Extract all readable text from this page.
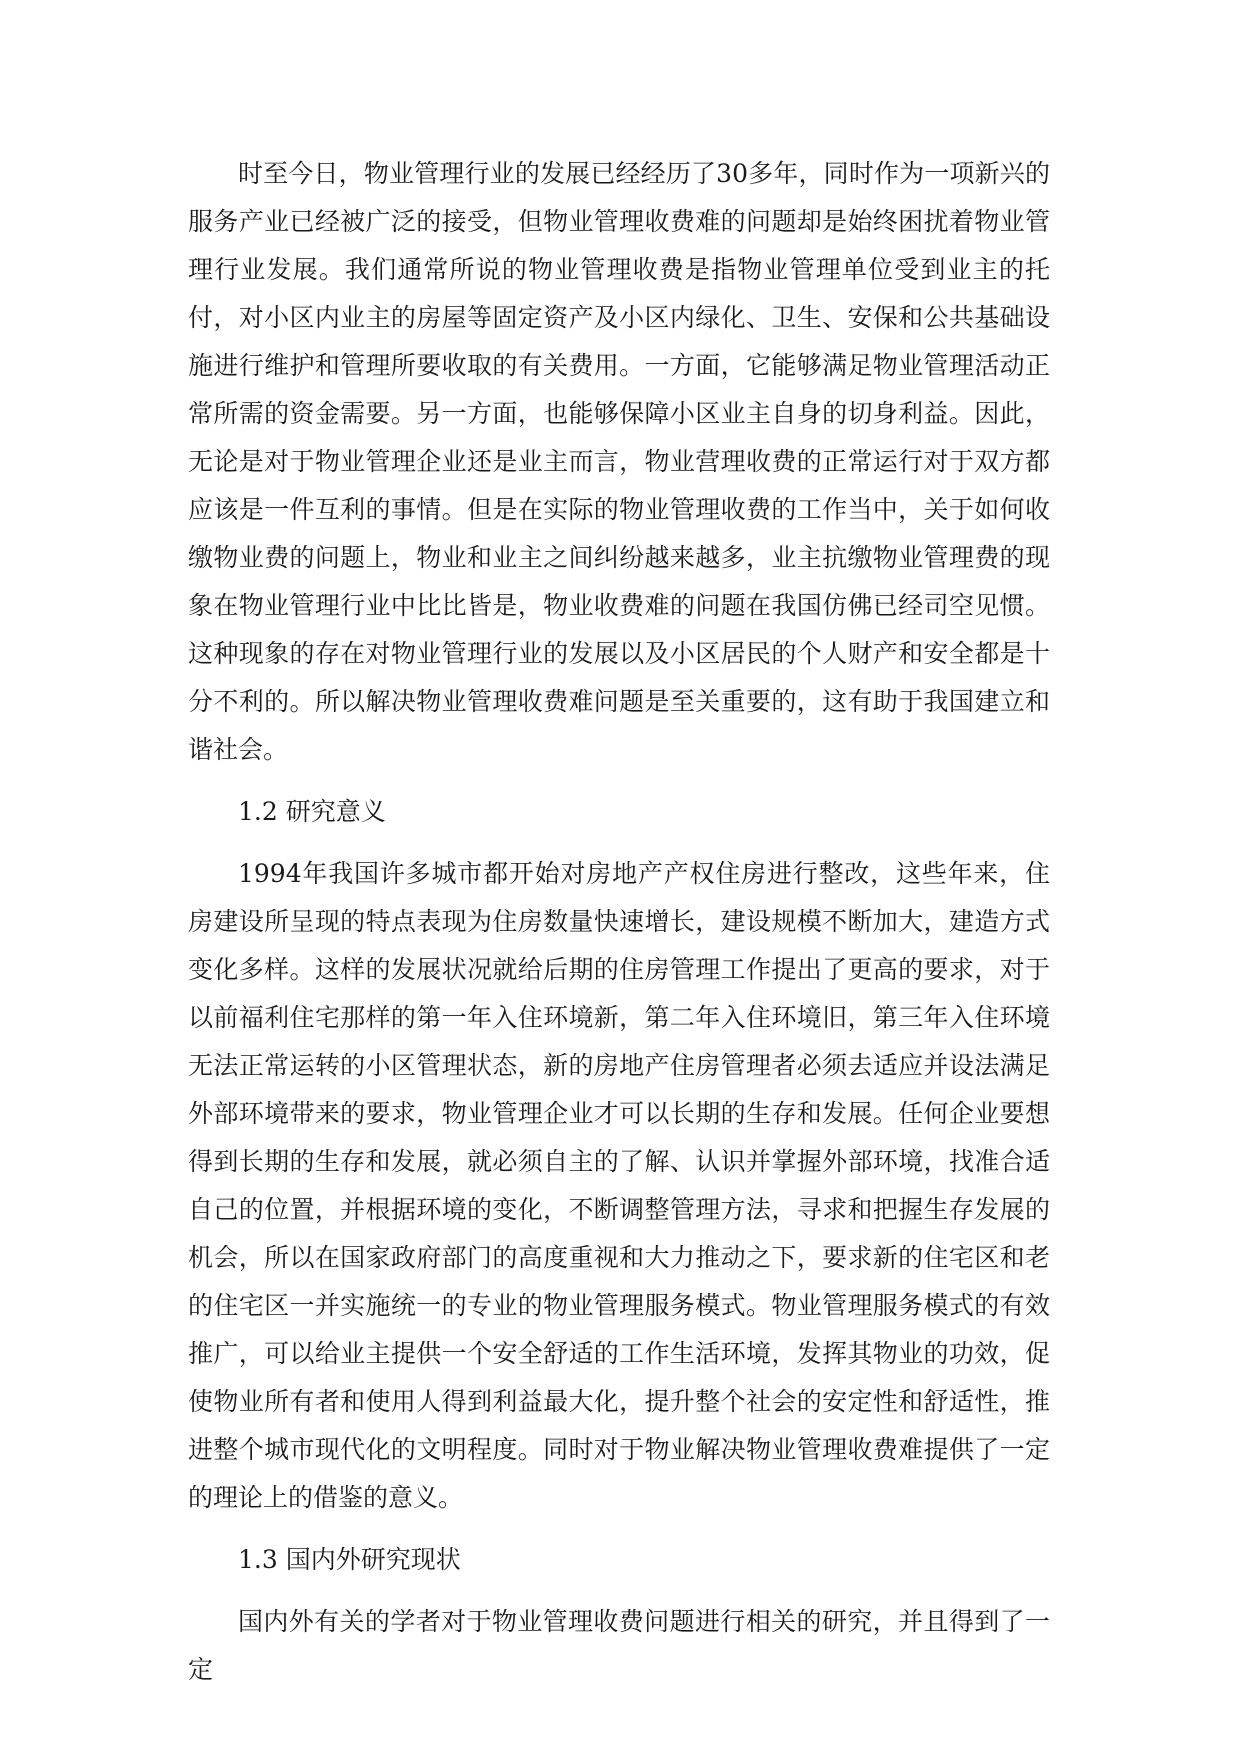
时至今日，物业管理行业的发展已经经历了30多年，同时作为一项新兴的服务产业已经被广泛的接受，但物业管理收费难的问题却是始终困扰着物业管理行业发展。我们通常所说的物业管理收费是指物业管理单位受到业主的托付，对小区内业主的房屋等固定资产及小区内绿化、卫生、安保和公共基础设施进行维护和管理所要收取的有关费用。一方面，它能够满足物业管理活动正常所需的资金需要。另一方面，也能够保障小区业主自身的切身利益。因此，无论是对于物业管理企业还是业主而言，物业营理收费的正常运行对于双方都应该是一件互利的事情。但是在实际的物业管理收费的工作当中，关于如何收缴物业费的问题上，物业和业主之间纠纷越来越多，业主抗缴物业管理费的现象在物业管理行业中比比皆是，物业收费难的问题在我国仿佛已经司空见惯。这种现象的存在对物业管理行业的发展以及小区居民的个人财产和安全都是十分不利的。所以解决物业管理收费难问题是至关重要的，这有助于我国建立和谐社会。

1.2 研究意义

1994年我国许多城市都开始对房地产产权住房进行整改，这些年来，住房建设所呈现的特点表现为住房数量快速增长，建设规模不断加大，建造方式变化多样。这样的发展状况就给后期的住房管理工作提出了更高的要求，对于以前福利住宅那样的第一年入住环境新，第二年入住环境旧，第三年入住环境无法正常运转的小区管理状态，新的房地产住房管理者必须去适应并设法满足外部环境带来的要求，物业管理企业才可以长期的生存和发展。任何企业要想得到长期的生存和发展，就必须自主的了解、认识并掌握外部环境，找准合适自己的位置，并根据环境的变化，不断调整管理方法，寻求和把握生存发展的机会，所以在国家政府部门的高度重视和大力推动之下，要求新的住宅区和老的住宅区一并实施统一的专业的物业管理服务模式。物业管理服务模式的有效推广，可以给业主提供一个安全舒适的工作生活环境，发挥其物业的功效，促使物业所有者和使用人得到利益最大化，提升整个社会的安定性和舒适性，推进整个城市现代化的文明程度。同时对于物业解决物业管理收费难提供了一定的理论上的借鉴的意义。

1.3 国内外研究现状

国内外有关的学者对于物业管理收费问题进行相关的研究，并且得到了一定
